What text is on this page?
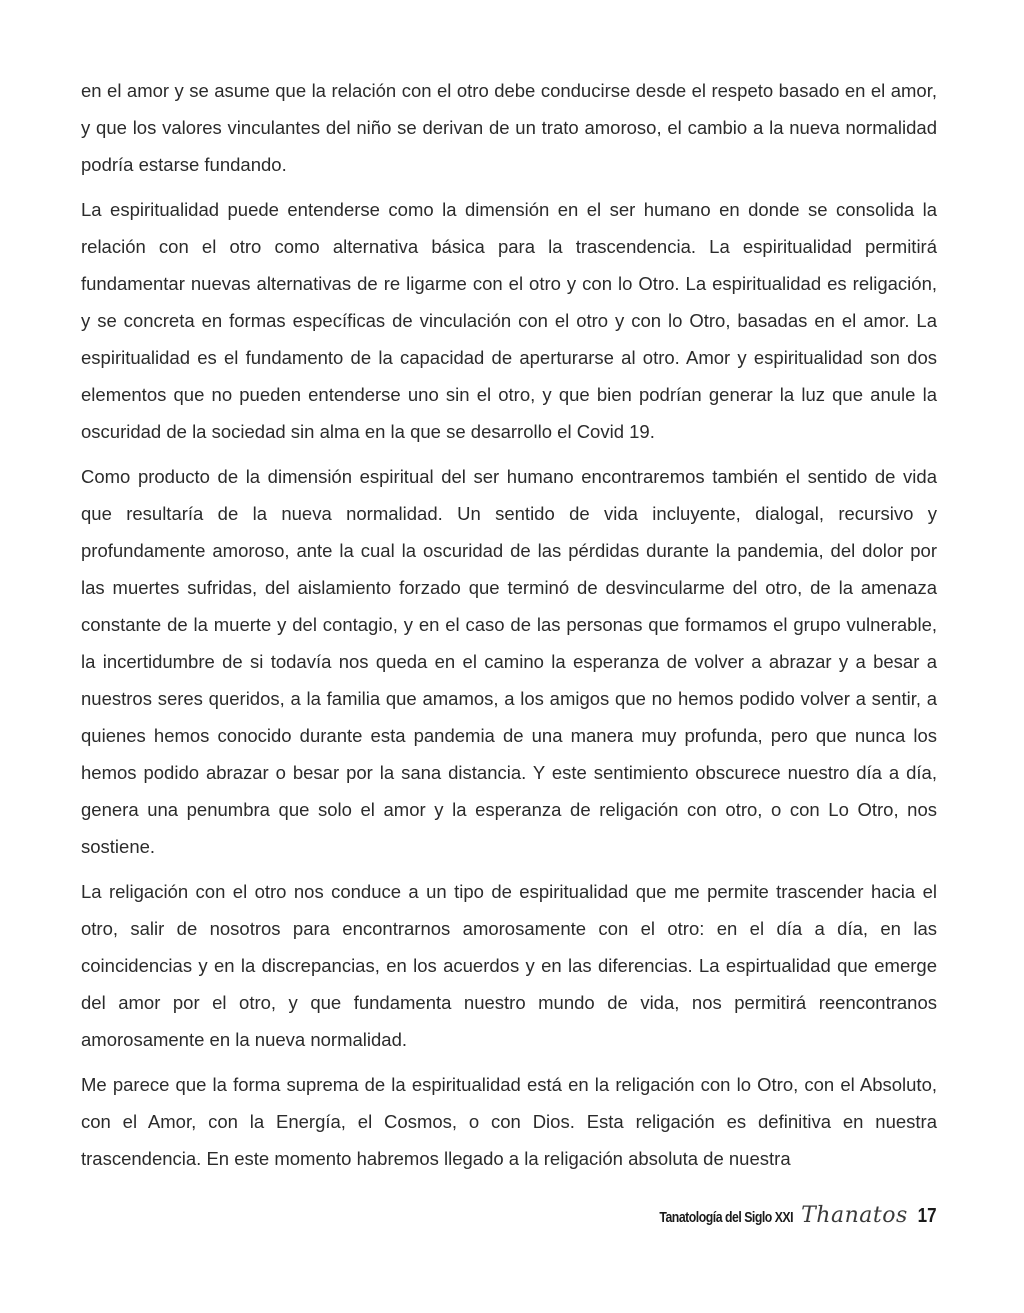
en el amor y se asume que la relación con el otro debe conducirse desde el respeto basado en el amor, y que los valores vinculantes del niño se derivan de un trato amoroso, el cambio a la nueva normalidad podría estarse fundando.

La espiritualidad puede entenderse como la dimensión en el ser humano en donde se consolida la relación con el otro como alternativa básica para la trascendencia. La espiritualidad permitirá fundamentar nuevas alternativas de re ligarme con el otro y con lo Otro. La espiritualidad es religación, y se concreta en formas específicas de vinculación con el otro y con lo Otro, basadas en el amor. La espiritualidad es el fundamento de la capacidad de aperturarse al otro. Amor y espiritualidad son dos elementos que no pueden entenderse uno sin el otro, y que bien podrían generar la luz que anule la oscuridad de la sociedad sin alma en la que se desarrollo el Covid 19.

Como producto de la dimensión espiritual del ser humano encontraremos también el sentido de vida que resultaría de la nueva normalidad. Un sentido de vida incluyente, dialogal, recursivo y profundamente amoroso, ante la cual la oscuridad de las pérdidas durante la pandemia, del dolor por las muertes sufridas, del aislamiento forzado que terminó de desvincularme del otro, de la amenaza constante de la muerte y del contagio, y en el caso de las personas que formamos el grupo vulnerable, la incertidumbre de si todavía nos queda en el camino la esperanza de volver a abrazar y a besar a nuestros seres queridos, a la familia que amamos, a los amigos que no hemos podido volver a sentir, a quienes hemos conocido durante esta pandemia de una manera muy profunda, pero que nunca los hemos podido abrazar o besar por la sana distancia. Y este sentimiento obscurece nuestro día a día, genera una penumbra que solo el amor y la esperanza de religación con otro, o con Lo Otro, nos sostiene.

La religación con el otro nos conduce a un tipo de espiritualidad que me permite trascender hacia el otro, salir de nosotros para encontrarnos amorosamente con el otro: en el día a día, en las coincidencias y en la discrepancias, en los acuerdos y en las diferencias. La espirtualidad que emerge del amor por el otro, y que fundamenta nuestro mundo de vida, nos permitirá reencontranos amorosamente en la nueva normalidad.

Me parece que la forma suprema de la espiritualidad está en la religación con lo Otro, con el Absoluto, con el Amor, con la Energía, el Cosmos, o con Dios. Esta religación es definitiva en nuestra trascendencia. En este momento habremos llegado a la religación absoluta de nuestra

Tanatología del Siglo XXI Thanatos 17
